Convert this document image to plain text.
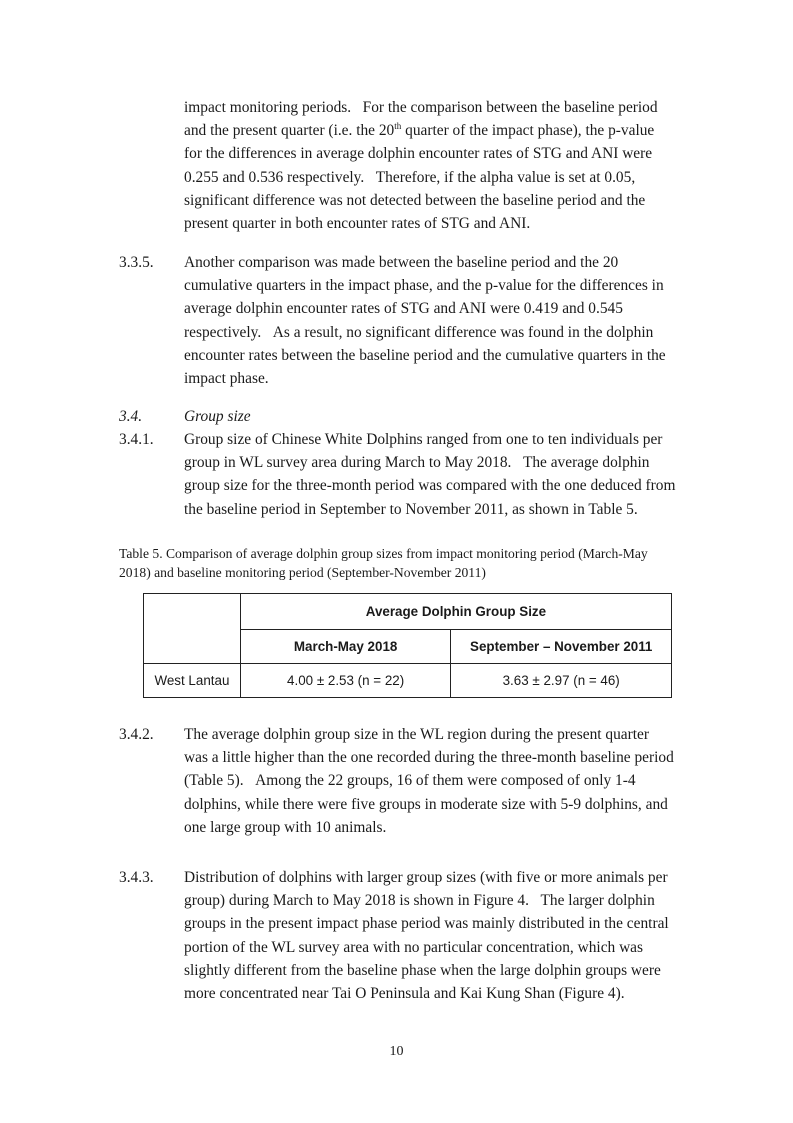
impact monitoring periods.   For the comparison between the baseline period
and the present quarter (i.e. the 20th quarter of the impact phase), the p-value
for the differences in average dolphin encounter rates of STG and ANI were
0.255 and 0.536 respectively.   Therefore, if the alpha value is set at 0.05,
significant difference was not detected between the baseline period and the
present quarter in both encounter rates of STG and ANI.
3.3.5. Another comparison was made between the baseline period and the 20
cumulative quarters in the impact phase, and the p-value for the differences in
average dolphin encounter rates of STG and ANI were 0.419 and 0.545
respectively.   As a result, no significant difference was found in the dolphin
encounter rates between the baseline period and the cumulative quarters in the
impact phase.
3.4.	Group size
3.4.1. Group size of Chinese White Dolphins ranged from one to ten individuals per
group in WL survey area during March to May 2018.   The average dolphin
group size for the three-month period was compared with the one deduced from
the baseline period in September to November 2011, as shown in Table 5.
Table 5. Comparison of average dolphin group sizes from impact monitoring period (March-May
2018) and baseline monitoring period (September-November 2011)
	Average Dolphin Group Size	
	March-May 2018	September – November 2011
West Lantau	4.00 ± 2.53 (n = 22)	3.63 ± 2.97 (n = 46)
3.4.2. The average dolphin group size in the WL region during the present quarter
was a little higher than the one recorded during the three-month baseline period
(Table 5).   Among the 22 groups, 16 of them were composed of only 1-4
dolphins, while there were five groups in moderate size with 5-9 dolphins, and
one large group with 10 animals.
3.4.3. Distribution of dolphins with larger group sizes (with five or more animals per
group) during March to May 2018 is shown in Figure 4.   The larger dolphin
groups in the present impact phase period was mainly distributed in the central
portion of the WL survey area with no particular concentration, which was
slightly different from the baseline phase when the large dolphin groups were
more concentrated near Tai O Peninsula and Kai Kung Shan (Figure 4).
10
